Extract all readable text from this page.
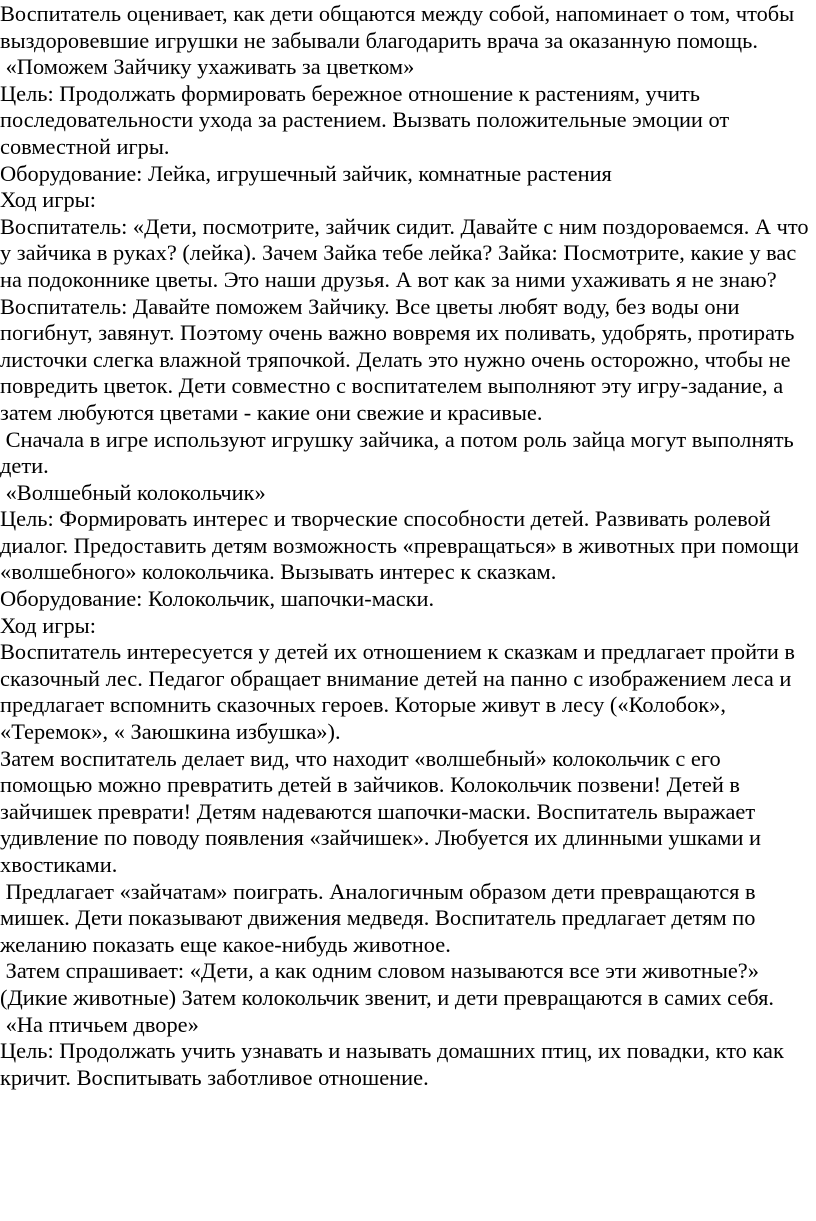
Воспитатель оценивает, как дети общаются между собой, напоминает о том, чтобы выздоровевшие игрушки не забывали благодарить врача за оказанную помощь.

«Поможем Зайчику ухаживать за цветком»

Цель: Продолжать формировать бережное отношение к растениям, учить последовательности ухода за растением. Вызвать положительные эмоции от совместной игры.

Оборудование: Лейка, игрушечный зайчик, комнатные растения

Ход игры:

Воспитатель: «Дети, посмотрите, зайчик сидит. Давайте с ним поздороваемся. А что у зайчика в руках? (лейка). Зачем Зайка тебе лейка? Зайка: Посмотрите, какие у вас на подоконнике цветы. Это наши друзья. А вот как за ними ухаживать я не знаю?

Воспитатель: Давайте поможем Зайчику. Все цветы любят воду, без воды они погибнут, завянут. Поэтому очень важно вовремя их поливать, удобрять, протирать листочки слегка влажной тряпочкой. Делать это нужно очень осторожно, чтобы не повредить цветок. Дети совместно с воспитателем выполняют эту игру-задание, а затем любуются цветами - какие они свежие и красивые.

Сначала в игре используют игрушку зайчика, а потом роль зайца могут выполнять дети.

«Волшебный колокольчик»

Цель: Формировать интерес и творческие способности детей. Развивать ролевой диалог. Предоставить детям возможность «превращаться» в животных при помощи «волшебного» колокольчика. Вызывать интерес к сказкам.

Оборудование: Колокольчик, шапочки-маски.

Ход игры:

Воспитатель интересуется у детей их отношением к сказкам и предлагает пройти в сказочный лес. Педагог обращает внимание детей на панно с изображением леса и предлагает вспомнить сказочных героев. Которые живут в лесу («Колобок», «Теремок», « Заюшкина избушка»).

Затем воспитатель делает вид, что находит «волшебный» колокольчик с его помощью можно превратить детей в зайчиков. Колокольчик позвени! Детей в зайчишек преврати! Детям надеваются шапочки-маски. Воспитатель выражает удивление по поводу появления «зайчишек». Любуется их длинными ушками и хвостиками.

Предлагает «зайчатам» поиграть. Аналогичным образом дети превращаются в мишек. Дети показывают движения медведя. Воспитатель предлагает детям по желанию показать еще какое-нибудь животное.

Затем спрашивает: «Дети, а как одним словом называются все эти животные?» (Дикие животные) Затем колокольчик звенит, и дети превращаются в самих себя.

«На птичьем дворе»

Цель: Продолжать учить узнавать и называть домашних птиц, их повадки, кто как кричит. Воспитывать заботливое отношение.
